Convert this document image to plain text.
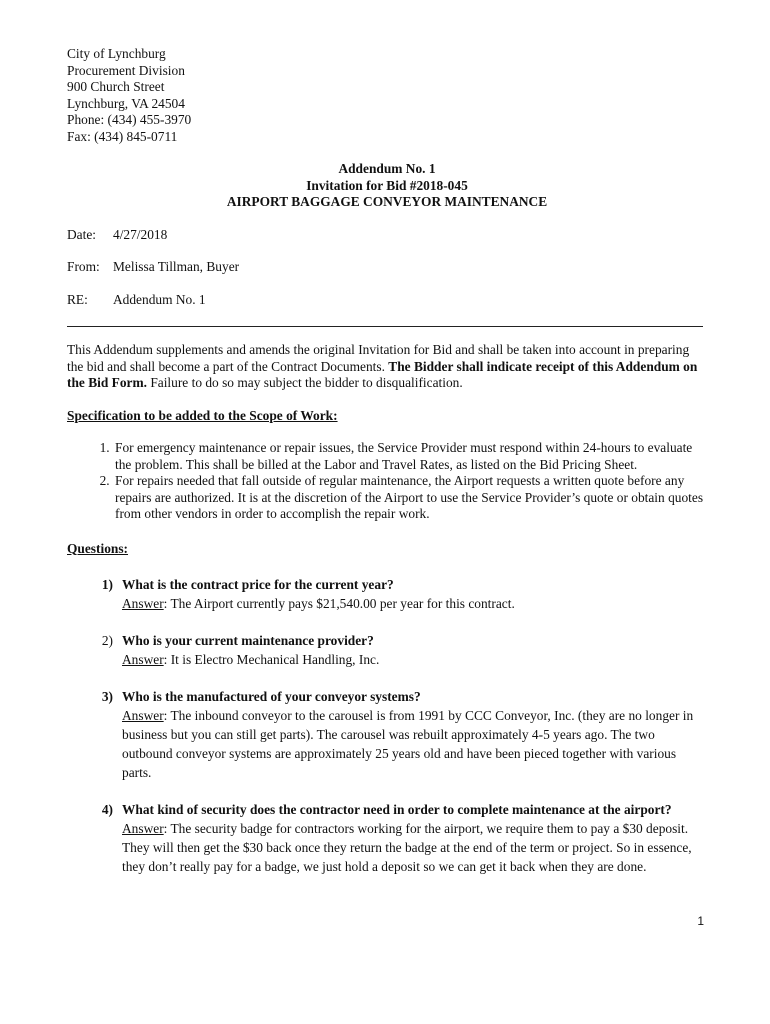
City of Lynchburg
Procurement Division
900 Church Street
Lynchburg, VA 24504
Phone: (434) 455-3970
Fax: (434) 845-0711
Addendum No. 1
Invitation for Bid #2018-045
AIRPORT BAGGAGE CONVEYOR MAINTENANCE
Date:	4/27/2018
From: Melissa Tillman, Buyer
RE:	Addendum No. 1

This Addendum supplements and amends the original Invitation for Bid and shall be taken into account in preparing the bid and shall become a part of the Contract Documents. The Bidder shall indicate receipt of this Addendum on the Bid Form. Failure to do so may subject the bidder to disqualification.

Specification to be added to the Scope of Work:
1. For emergency maintenance or repair issues, the Service Provider must respond within 24-hours to evaluate the problem. This shall be billed at the Labor and Travel Rates, as listed on the Bid Pricing Sheet.
2. For repairs needed that fall outside of regular maintenance, the Airport requests a written quote before any repairs are authorized. It is at the discretion of the Airport to use the Service Provider’s quote or obtain quotes from other vendors in order to accomplish the repair work.
Questions:
1) What is the contract price for the current year?
Answer: The Airport currently pays $21,540.00 per year for this contract.
2) Who is your current maintenance provider?
Answer: It is Electro Mechanical Handling, Inc.
3) Who is the manufactured of your conveyor systems?
Answer: The inbound conveyor to the carousel is from 1991 by CCC Conveyor, Inc. (they are no longer in business but you can still get parts). The carousel was rebuilt approximately 4-5 years ago. The two outbound conveyor systems are approximately 25 years old and have been pieced together with various parts.
4) What kind of security does the contractor need in order to complete maintenance at the airport?
Answer: The security badge for contractors working for the airport, we require them to pay a $30 deposit. They will then get the $30 back once they return the badge at the end of the term or project. So in essence, they don’t really pay for a badge, we just hold a deposit so we can get it back when they are done.
1
